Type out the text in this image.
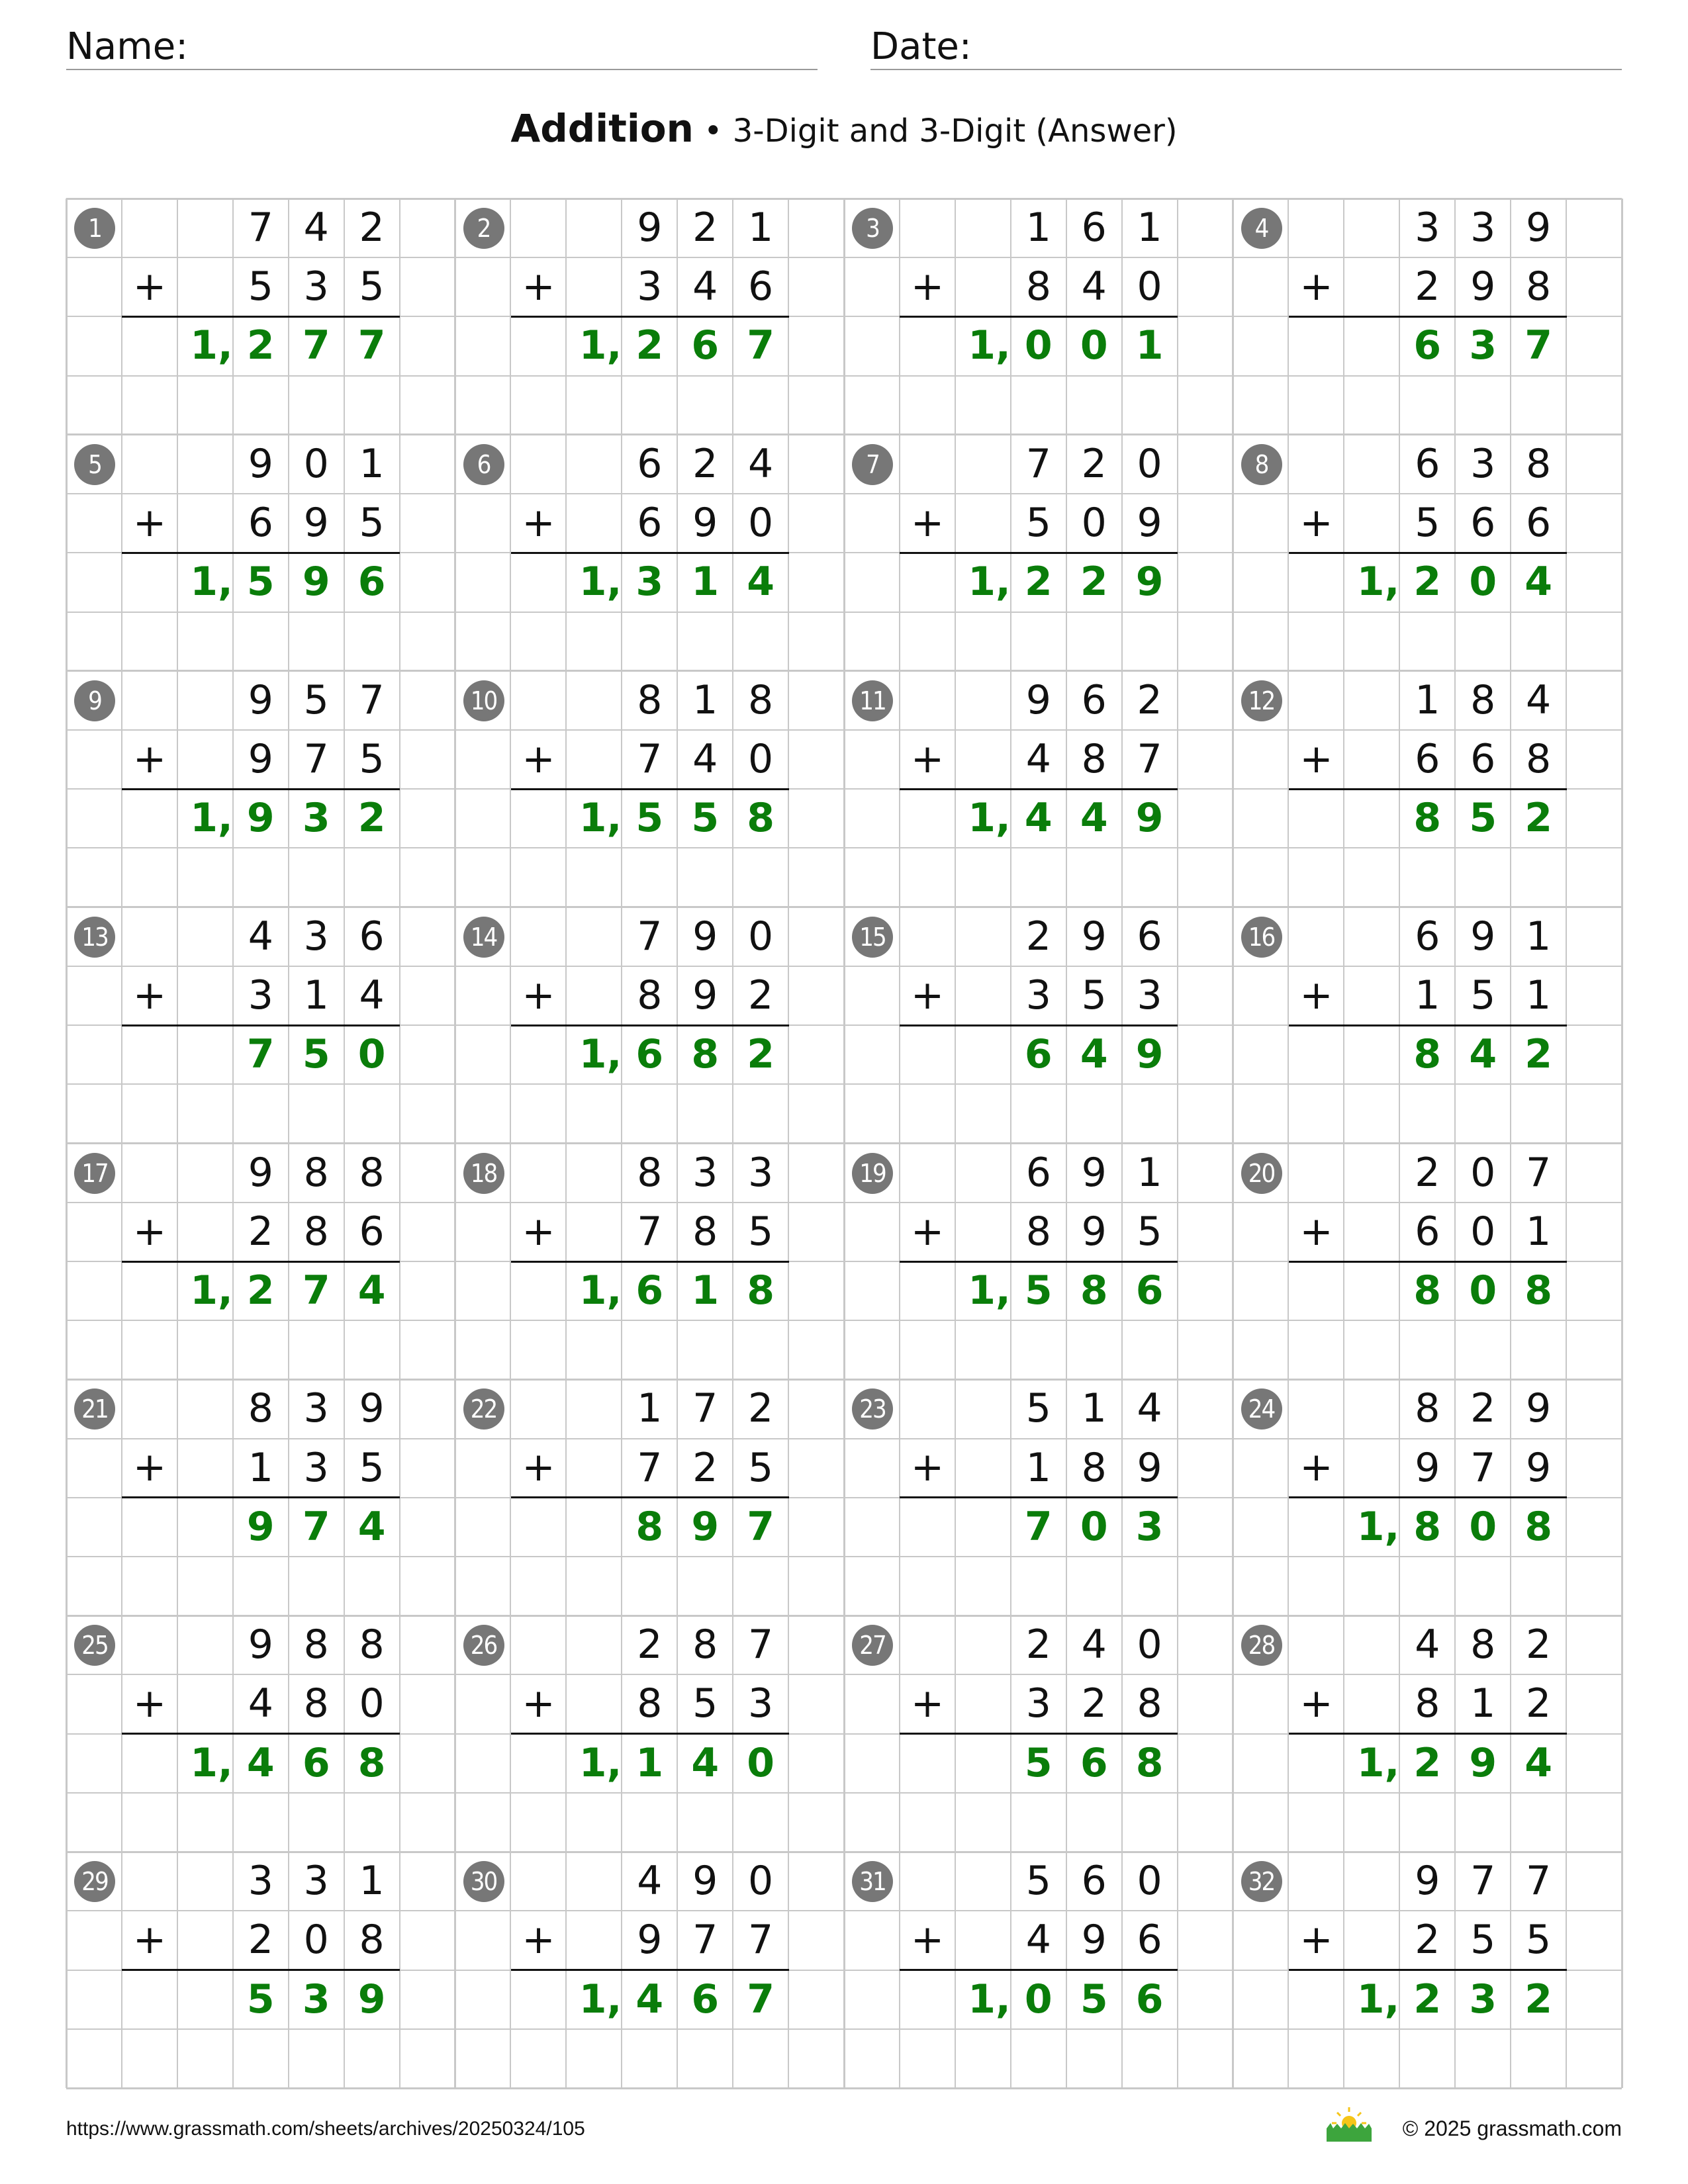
Name:	Date:
Addition • 3-Digit and 3-Digit (Answer)
1	7 4 2
+	5 3 5
1, 2 7 7
2	9 2 1
+	3 4 6
1, 2 6 7
3	1 6 1
+	8 4 0
1, 0 0 1
4	3 3 9
+	2 9 8
6 3 7
5	9 0 1
+	6 9 5
1, 5 9 6
6	6 2 4
+	6 9 0
1, 3 1 4
7	7 2 0
+	5 0 9
1, 2 2 9
8	6 3 8
+	5 6 6
1, 2 0 4
9	9 5 7
+	9 7 5
1, 9 3 2
10	8 1 8
+	7 4 0
1, 5 5 8
11	9 6 2
+	4 8 7
1, 4 4 9
12	1 8 4
+	6 6 8
8 5 2
13	4 3 6
+	3 1 4
7 5 0
14	7 9 0
+	8 9 2
1, 6 8 2
15	2 9 6
+	3 5 3
6 4 9
16	6 9 1
+	1 5 1
8 4 2
17	9 8 8
+	2 8 6
1, 2 7 4
18	8 3 3
+	7 8 5
1, 6 1 8
19	6 9 1
+	8 9 5
1, 5 8 6
20	2 0 7
+	6 0 1
8 0 8
21	8 3 9
+	1 3 5
9 7 4
22	1 7 2
+	7 2 5
8 9 7
23	5 1 4
+	1 8 9
7 0 3
24	8 2 9
+	9 7 9
1, 8 0 8
25	9 8 8
+	4 8 0
1, 4 6 8
26	2 8 7
+	8 5 3
1, 1 4 0
27	2 4 0
+	3 2 8
5 6 8
28	4 8 2
+	8 1 2
1, 2 9 4
29	3 3 1
+	2 0 8
5 3 9
30	4 9 0
+	9 7 7
1, 4 6 7
31	5 6 0
+	4 9 6
1, 0 5 6
32	9 7 7
+	2 5 5
1, 2 3 2
https://www.grassmath.com/sheets/archives/20250324/105	© 2025 grassmath.com
